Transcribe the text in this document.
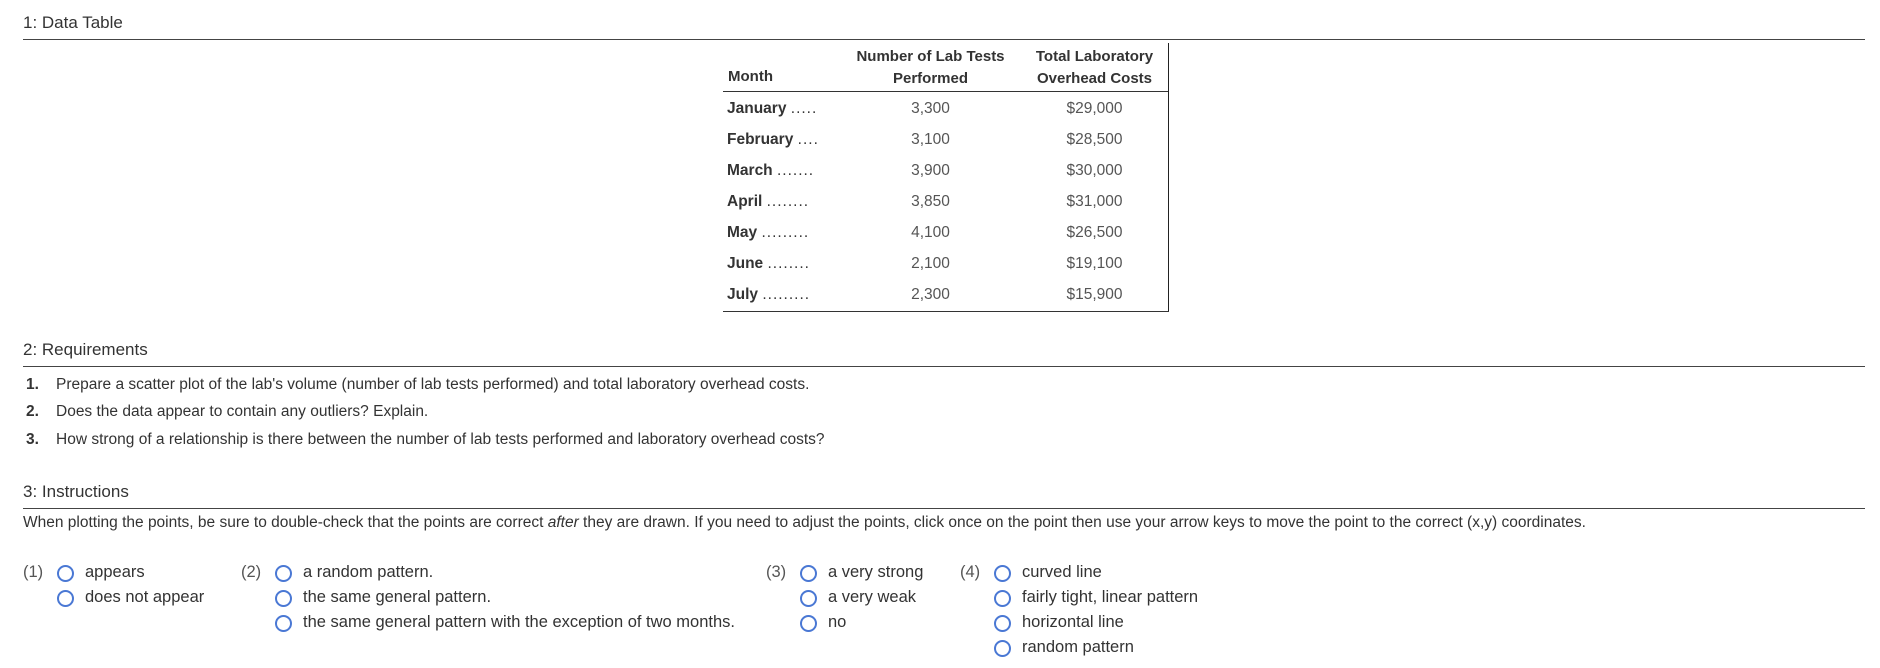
1: Data Table
Month
Number of Lab Tests
Performed
Total Laboratory
Overhead Costs
January .....	3,300	$29,000
February ....	3,100	$28,500
March .......	3,900	$30,000
April ........	3,850	$31,000
May .........	4,100	$26,500
June ........	2,100	$19,100
July .........	2,300	$15,900
2: Requirements
1. Prepare a scatter plot of the lab's volume (number of lab tests performed) and total laboratory overhead costs.
2. Does the data appear to contain any outliers? Explain.
3. How strong of a relationship is there between the number of lab tests performed and laboratory overhead costs?
3: Instructions
When plotting the points, be sure to double-check that the points are correct after they are drawn. If you need to adjust the points, click once on the point then use your arrow keys to move the point to the correct (x,y) coordinates.
(1)	appears
does not appear
(2)	a random pattern.
the same general pattern.
the same general pattern with the exception of two months.
(3)	a very strong
a very weak
no
(4)	curved line
fairly tight, linear pattern
horizontal line
random pattern
